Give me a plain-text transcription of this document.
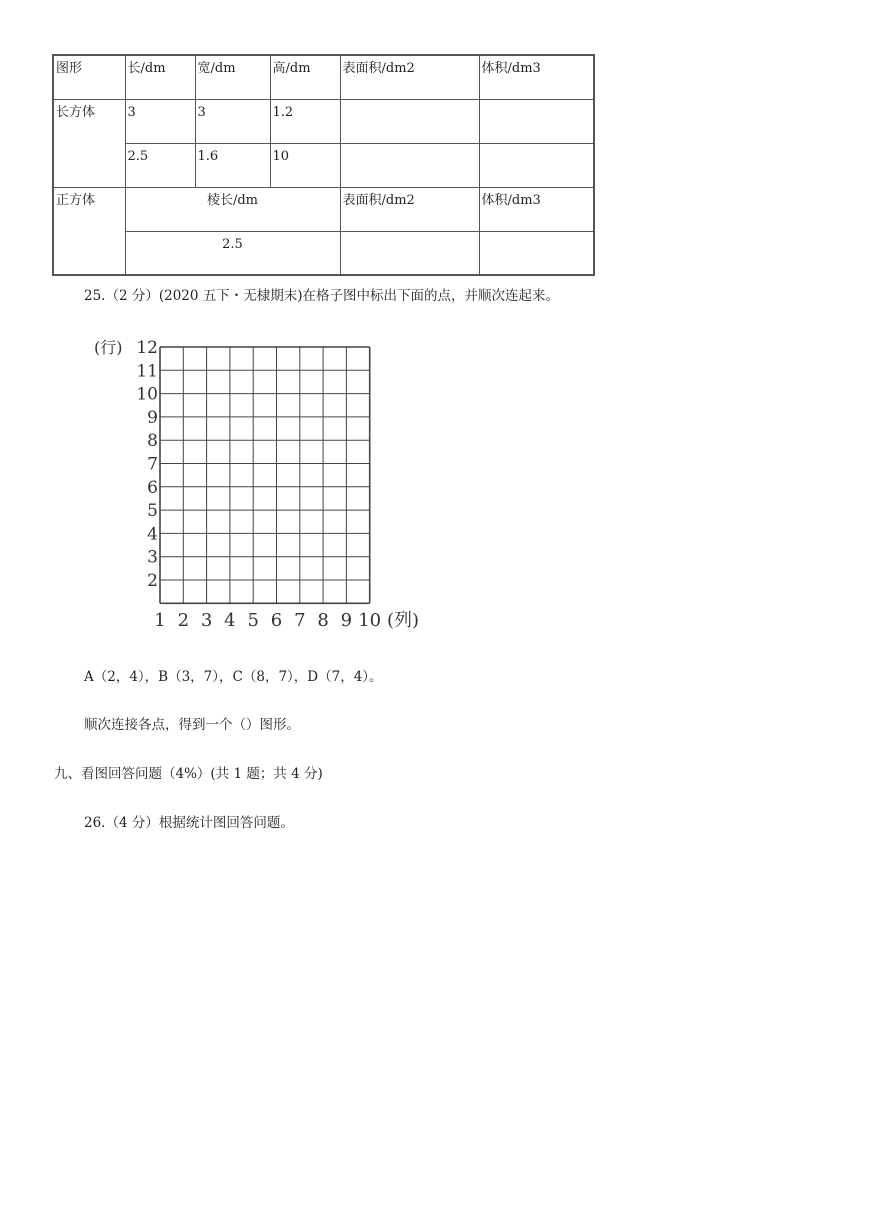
图形	长/dm	宽/dm	高/dm	表面积/dm2	体积/dm3
长方体	3	3	1.2		
	2.5	1.6	10		
正方体	棱长/dm			表面积/dm2	体积/dm3
	2.5				
25.（2 分）(2020 五下・无棣期末)在格子图中标出下面的点，并顺次连起来。
(行) 12
11
10
9
8
7
6
5
4
3
2
1 2 3 4 5 6 7 8 9 10 (列)
A（2，4），B（3，7），C（8，7），D（7，4）。
顺次连接各点，得到一个（）图形。
九、看图回答问题（4%）(共 1 题；共 4 分)
26.（4 分）根据统计图回答问题。
